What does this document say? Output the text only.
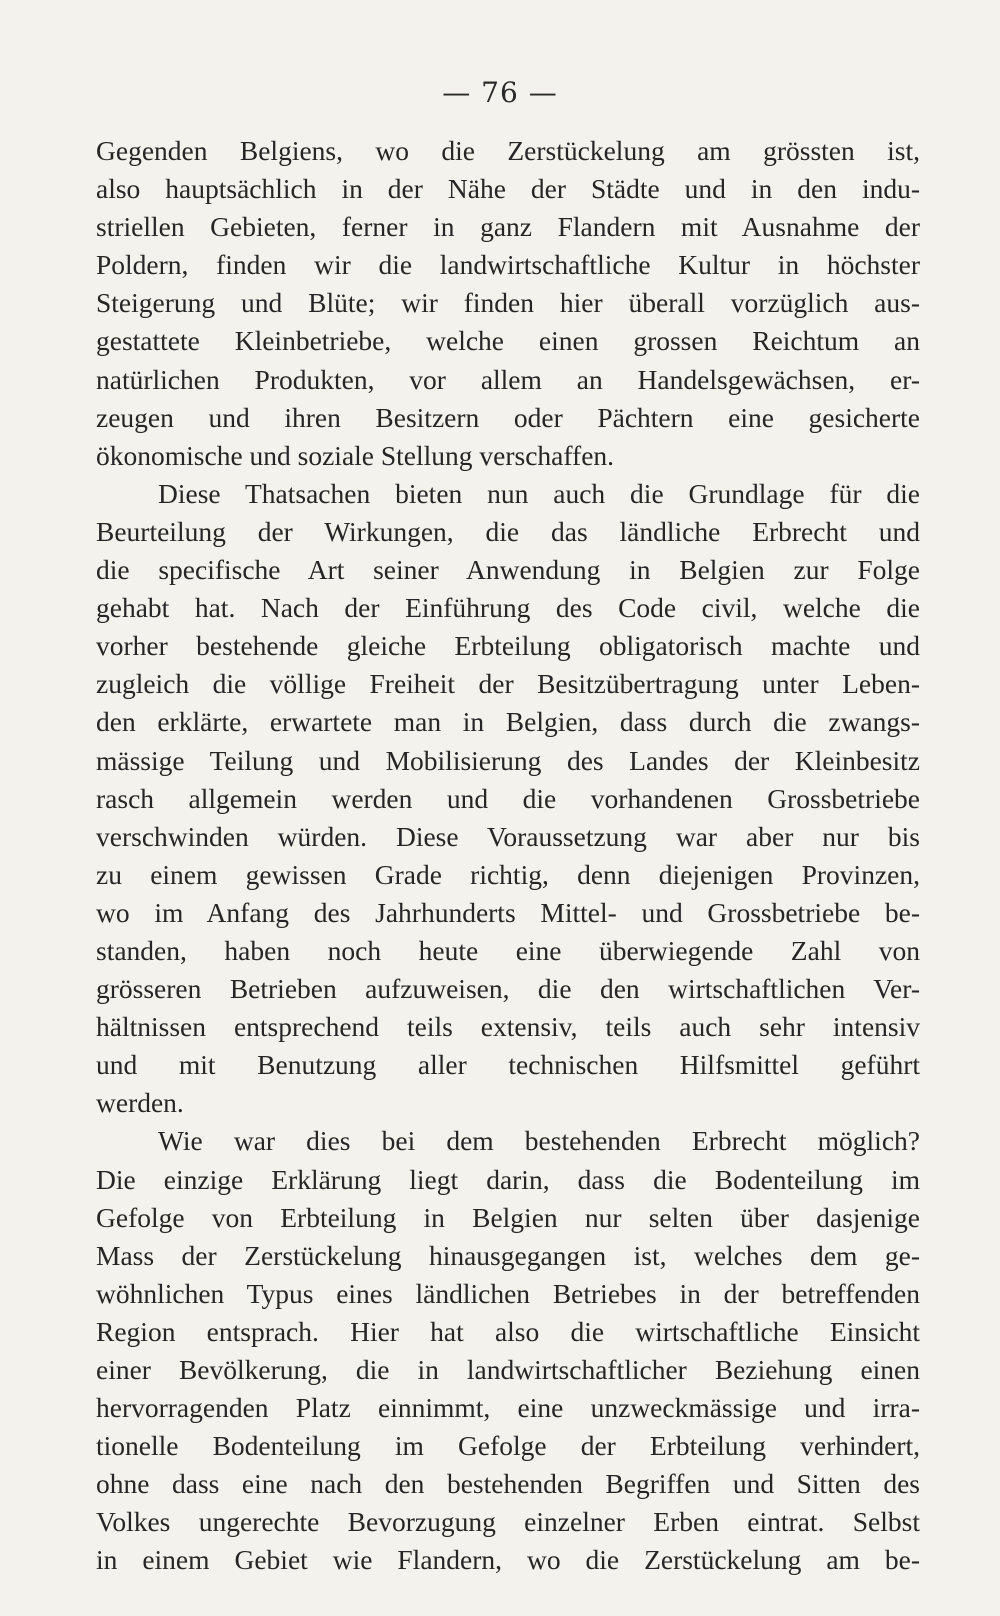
— 76 —
Gegenden Belgiens, wo die Zerstückelung am grössten ist,
also hauptsächlich in der Nähe der Städte und in den indu-
striellen Gebieten, ferner in ganz Flandern mit Ausnahme der
Poldern, finden wir die landwirtschaftliche Kultur in höchster
Steigerung und Blüte; wir finden hier überall vorzüglich aus-
gestattete Kleinbetriebe, welche einen grossen Reichtum an
natürlichen Produkten, vor allem an Handelsgewächsen, er-
zeugen und ihren Besitzern oder Pächtern eine gesicherte
ökonomische und soziale Stellung verschaffen.
Diese Thatsachen bieten nun auch die Grundlage für die
Beurteilung der Wirkungen, die das ländliche Erbrecht und
die specifische Art seiner Anwendung in Belgien zur Folge
gehabt hat. Nach der Einführung des Code civil, welche die
vorher bestehende gleiche Erbteilung obligatorisch machte und
zugleich die völlige Freiheit der Besitzübertragung unter Leben-
den erklärte, erwartete man in Belgien, dass durch die zwangs-
mässige Teilung und Mobilisierung des Landes der Kleinbesitz
rasch allgemein werden und die vorhandenen Grossbetriebe
verschwinden würden. Diese Voraussetzung war aber nur bis
zu einem gewissen Grade richtig, denn diejenigen Provinzen,
wo im Anfang des Jahrhunderts Mittel- und Grossbetriebe be-
standen, haben noch heute eine überwiegende Zahl von
grösseren Betrieben aufzuweisen, die den wirtschaftlichen Ver-
hältnissen entsprechend teils extensiv, teils auch sehr intensiv
und mit Benutzung aller technischen Hilfsmittel geführt
werden.
Wie war dies bei dem bestehenden Erbrecht möglich?
Die einzige Erklärung liegt darin, dass die Bodenteilung im
Gefolge von Erbteilung in Belgien nur selten über dasjenige
Mass der Zerstückelung hinausgegangen ist, welches dem ge-
wöhnlichen Typus eines ländlichen Betriebes in der betreffenden
Region entsprach. Hier hat also die wirtschaftliche Einsicht
einer Bevölkerung, die in landwirtschaftlicher Beziehung einen
hervorragenden Platz einnimmt, eine unzweckmässige und irra-
tionelle Bodenteilung im Gefolge der Erbteilung verhindert,
ohne dass eine nach den bestehenden Begriffen und Sitten des
Volkes ungerechte Bevorzugung einzelner Erben eintrat. Selbst
in einem Gebiet wie Flandern, wo die Zerstückelung am be-
